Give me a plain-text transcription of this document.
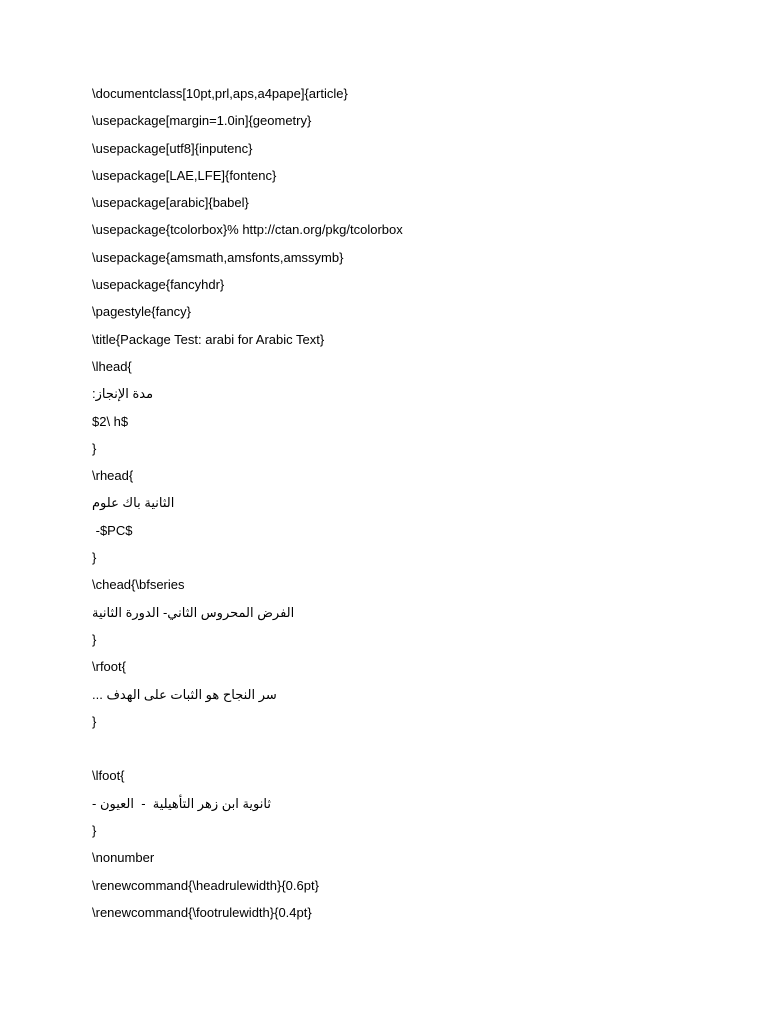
\documentclass[10pt,prl,aps,a4pape]{article}
\usepackage[margin=1.0in]{geometry}
\usepackage[utf8]{inputenc}
\usepackage[LAE,LFE]{fontenc}
\usepackage[arabic]{babel}
\usepackage{tcolorbox}% http://ctan.org/pkg/tcolorbox
\usepackage{amsmath,amsfonts,amssymb}
\usepackage{fancyhdr}
\pagestyle{fancy}
\title{Package Test: arabi for Arabic Text}
\lhead{
مدة الإنجاز:
$2\ h$
}
\rhead{
الثانية باك علوم
-$PC$
}
\chead{\bfseries
الفرض المحروس الثاني- الدورة الثانية
}
\rfoot{
سر النجاح هو الثبات على الهدف ...
}
\lfoot{
ثانوية ابن زهر التأهيلية  -  العيون -
}
\nonumber
\renewcommand{\headrulewidth}{0.6pt}
\renewcommand{\footrulewidth}{0.4pt}
